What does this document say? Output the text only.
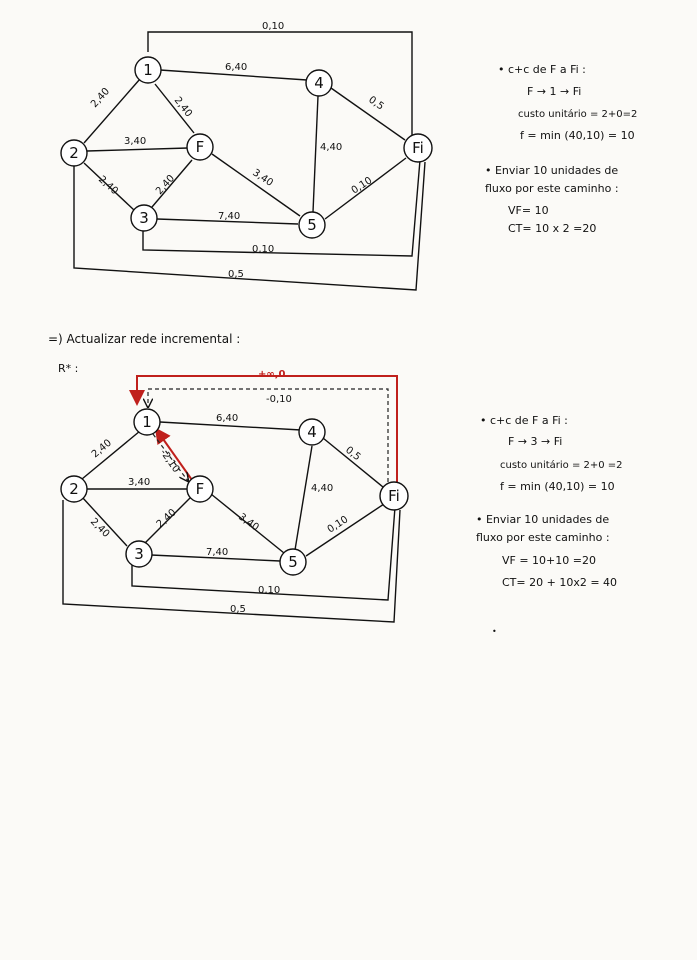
0,10
6,40
2,40	2,40
3,40
2,40	2,40	3,40
7,40
4,40
0,5
0,10
0,10
0,5
1
2	F
3
4
5
Fi
• c+c de F a Fi :
F → 1 → Fi
custo unitário = 2+0=2
f = min (40,10) = 10
• Enviar 10 unidades de
fluxo por este caminho :
VF= 10
CT= 10 x 2 =20
=) Actualizar rede incremental :
R* :	+∞,0
-0,10
6,40
2,40	-2,10
3,40
2,40	2,40	3,40
7,40
4,40
0,5
0,10
0,10
0,5
1
2	F
3
4
5
Fi
• c+c de F a Fi :
F → 3 → Fi
custo unitário = 2+0 =2
f = min (40,10) = 10
• Enviar 10 unidades de
fluxo por este caminho :
VF = 10+10 =20
CT= 20 + 10x2 = 40
•
